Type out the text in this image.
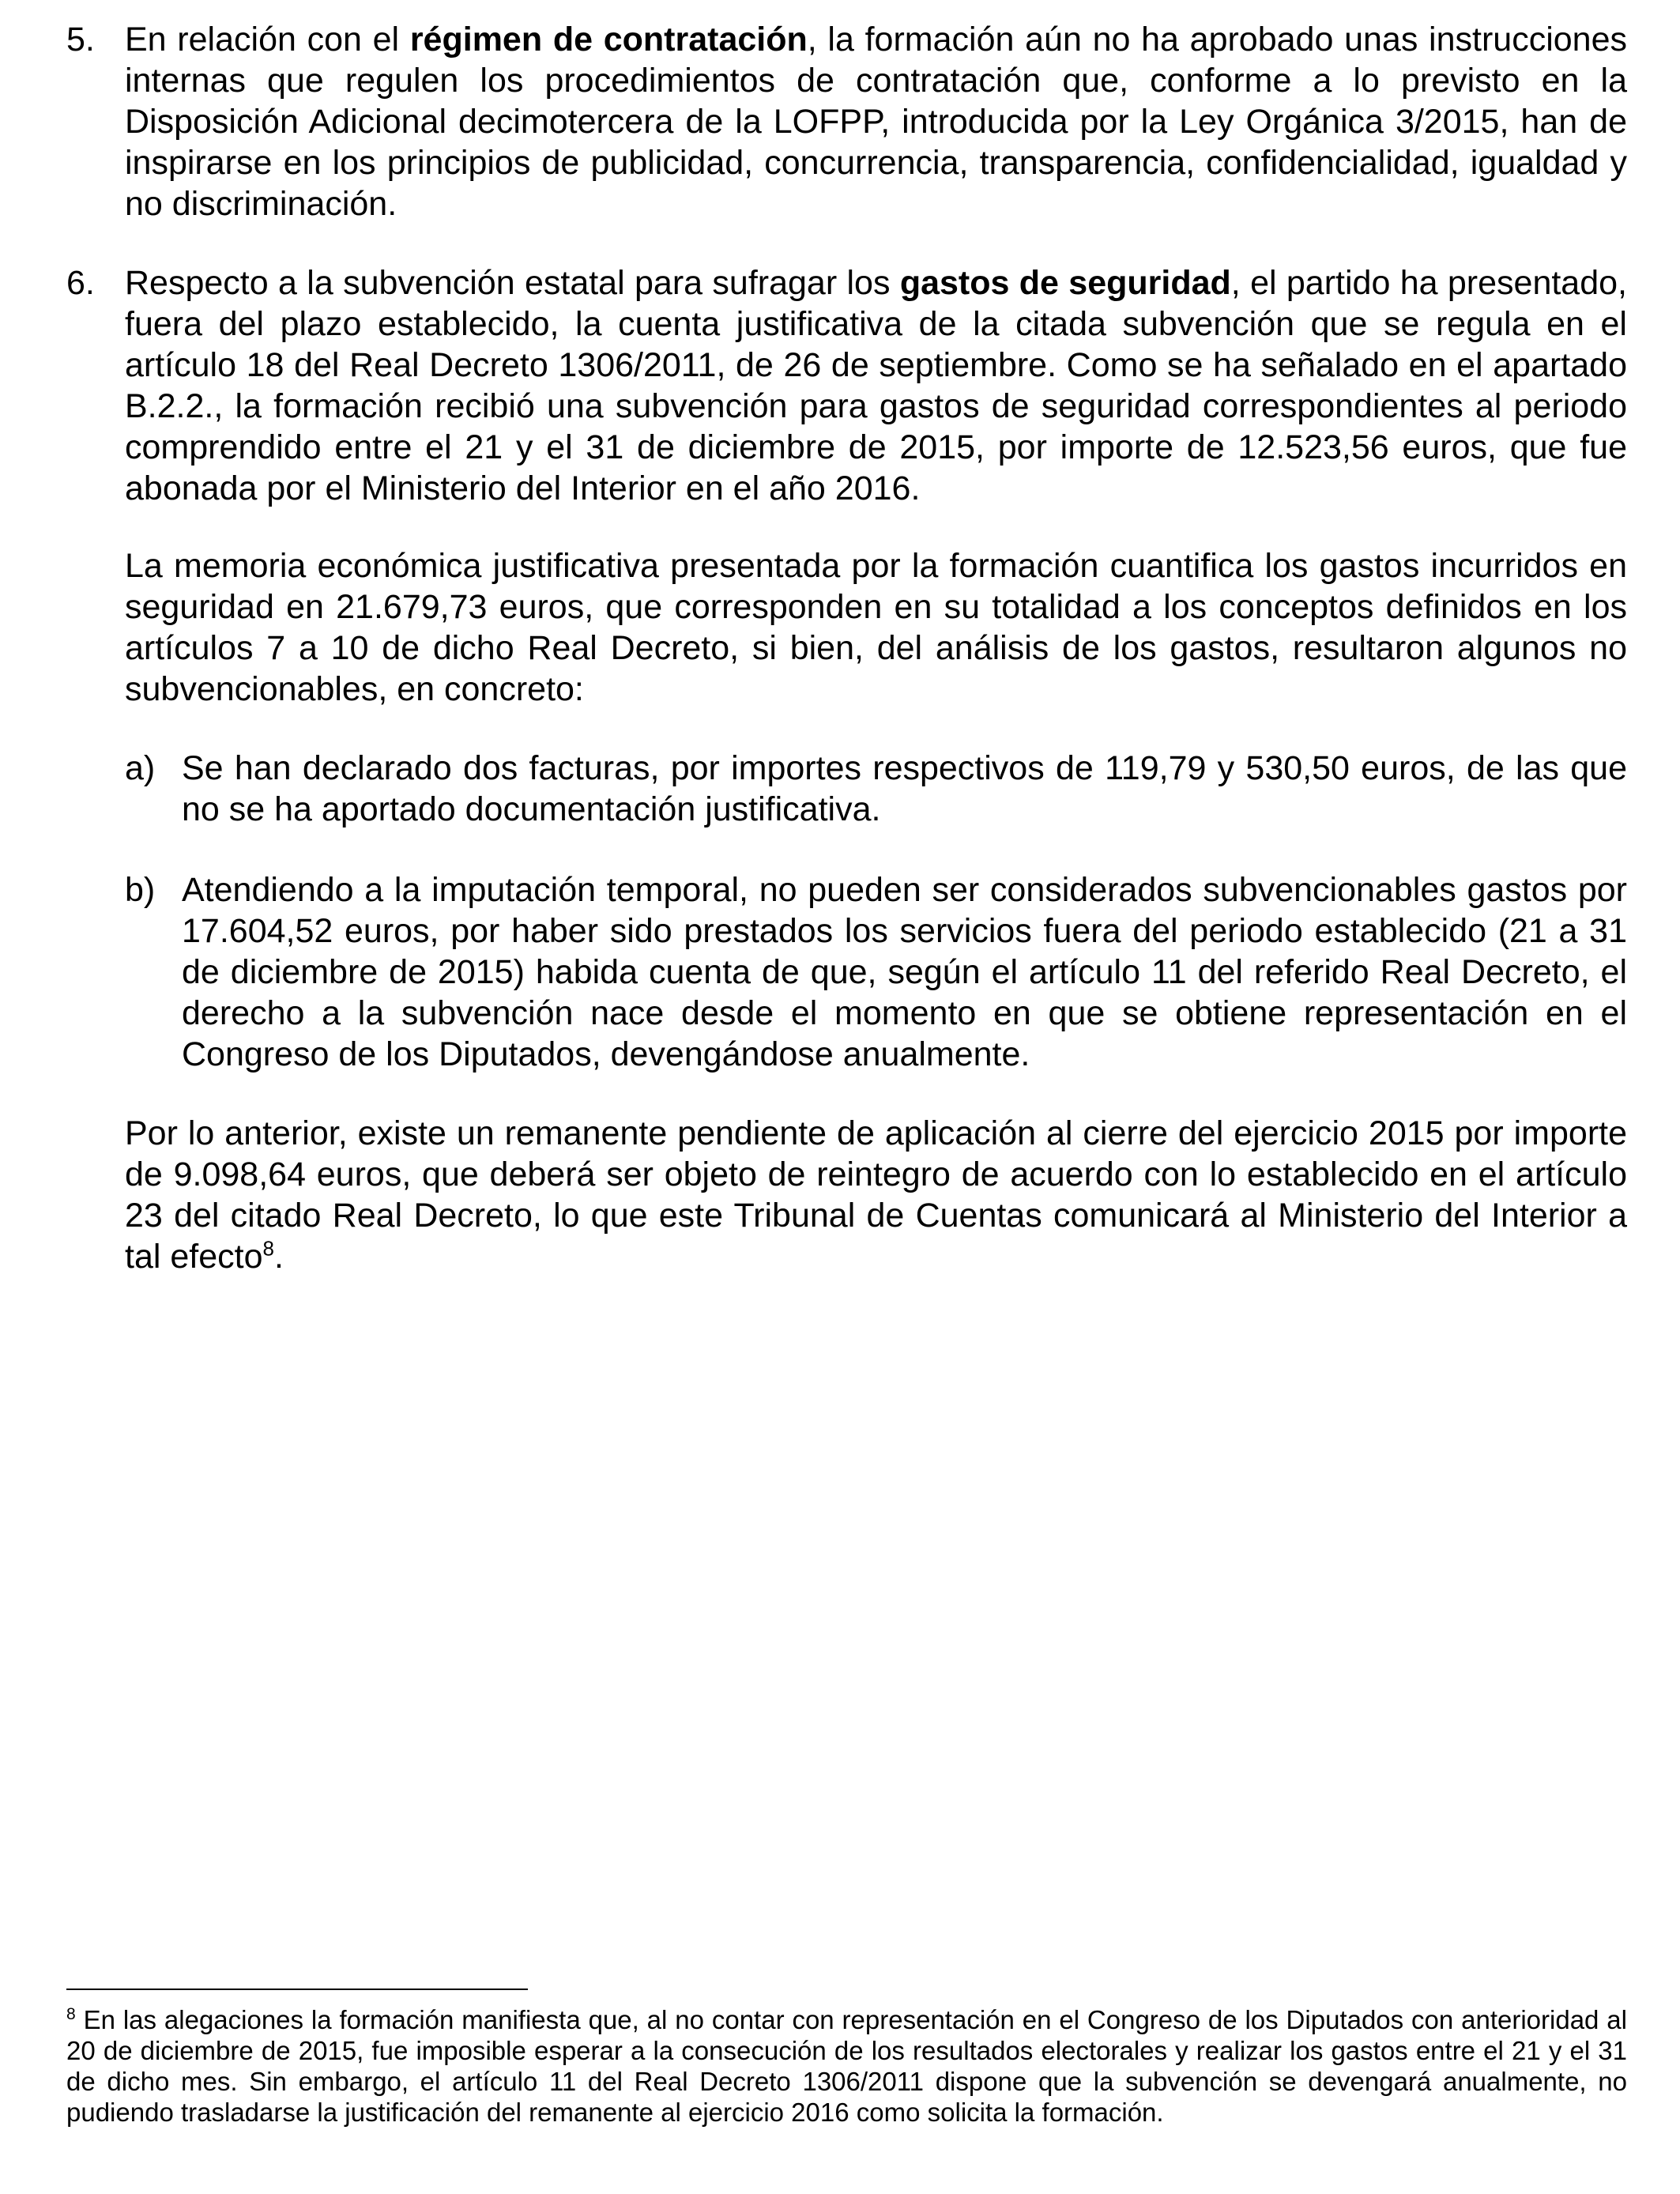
5. En relación con el régimen de contratación, la formación aún no ha aprobado unas instrucciones internas que regulen los procedimientos de contratación que, conforme a lo previsto en la Disposición Adicional decimotercera de la LOFPP, introducida por la Ley Orgánica 3/2015, han de inspirarse en los principios de publicidad, concurrencia, transparencia, confidencialidad, igualdad y no discriminación.

6. Respecto a la subvención estatal para sufragar los gastos de seguridad, el partido ha presentado, fuera del plazo establecido, la cuenta justificativa de la citada subvención que se regula en el artículo 18 del Real Decreto 1306/2011, de 26 de septiembre. Como se ha señalado en el apartado B.2.2., la formación recibió una subvención para gastos de seguridad correspondientes al periodo comprendido entre el 21 y el 31 de diciembre de 2015, por importe de 12.523,56 euros, que fue abonada por el Ministerio del Interior en el año 2016.

La memoria económica justificativa presentada por la formación cuantifica los gastos incurridos en seguridad en 21.679,73 euros, que corresponden en su totalidad a los conceptos definidos en los artículos 7 a 10 de dicho Real Decreto, si bien, del análisis de los gastos, resultaron algunos no subvencionables, en concreto:

a) Se han declarado dos facturas, por importes respectivos de 119,79 y 530,50 euros, de las que no se ha aportado documentación justificativa.

b) Atendiendo a la imputación temporal, no pueden ser considerados subvencionables gastos por 17.604,52 euros, por haber sido prestados los servicios fuera del periodo establecido (21 a 31 de diciembre de 2015) habida cuenta de que, según el artículo 11 del referido Real Decreto, el derecho a la subvención nace desde el momento en que se obtiene representación en el Congreso de los Diputados, devengándose anualmente.

Por lo anterior, existe un remanente pendiente de aplicación al cierre del ejercicio 2015 por importe de 9.098,64 euros, que deberá ser objeto de reintegro de acuerdo con lo establecido en el artículo 23 del citado Real Decreto, lo que este Tribunal de Cuentas comunicará al Ministerio del Interior a tal efecto$^8$.

$^8$ En las alegaciones la formación manifiesta que, al no contar con representación en el Congreso de los Diputados con anterioridad al 20 de diciembre de 2015, fue imposible esperar a la consecución de los resultados electorales y realizar los gastos entre el 21 y el 31 de dicho mes. Sin embargo, el artículo 11 del Real Decreto 1306/2011 dispone que la subvención se devengará anualmente, no pudiendo trasladarse la justificación del remanente al ejercicio 2016 como solicita la formación.
